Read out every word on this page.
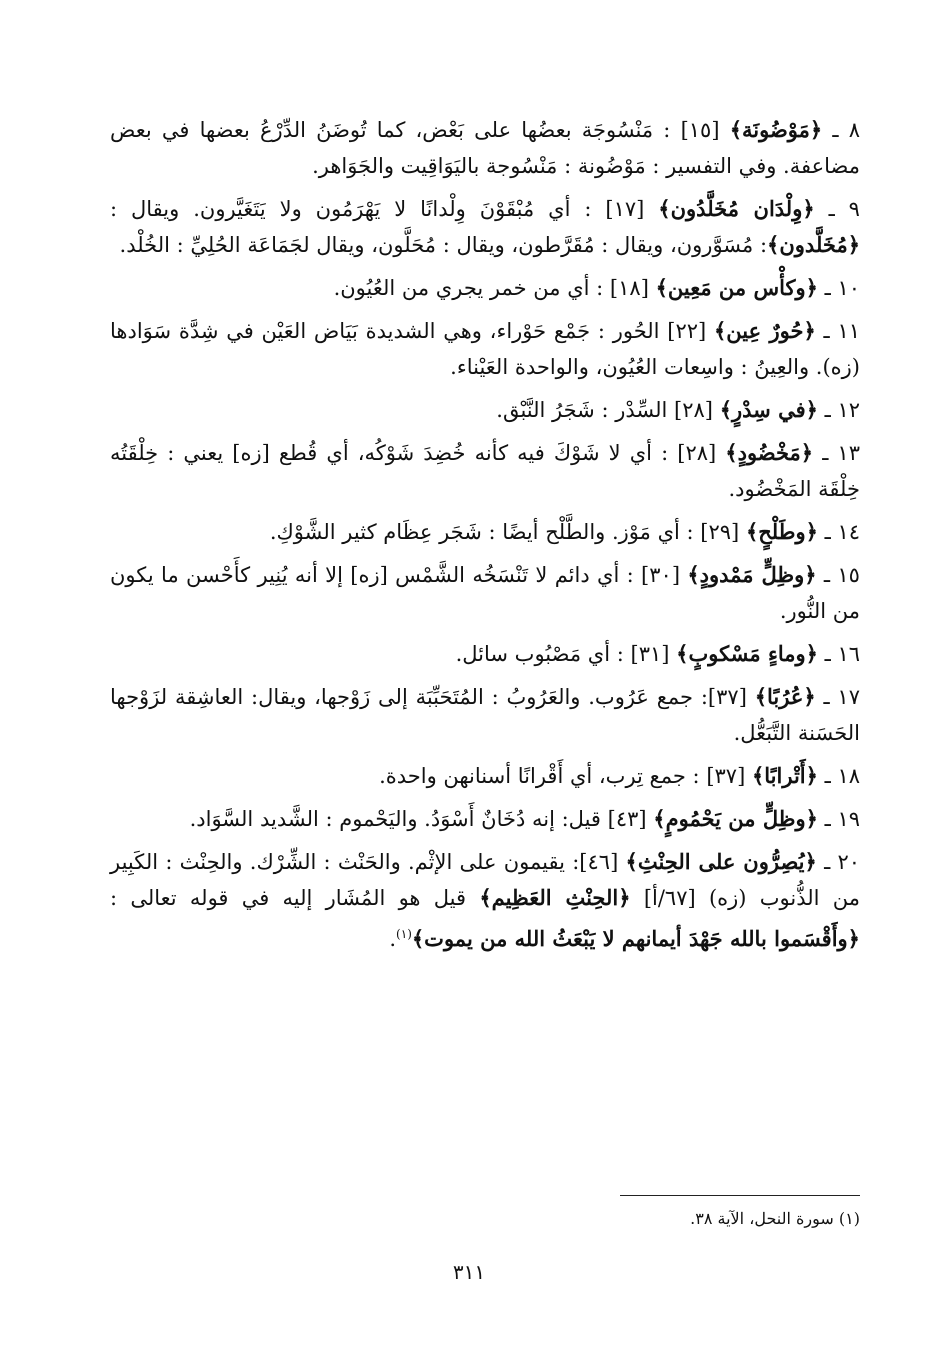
٨ ـ ﴿مَوْضُونَة﴾ [١٥] : مَنْسُوجَة بعضُها على بَعْض، كما تُوضَنُ الدِّرْعُ بعضها في بعض مضاعفة. وفي التفسير : مَوْضُونة : مَنْسُوجة باليَوَاقِيت والجَوَاهر.

٩ ـ ﴿وِلْدَان مُخَلَّدُون﴾ [١٧] : أي مُبْقَوْنَ وِلْدانًا لا يَهْرَمُون ولا يَتَغَيَّرون. ويقال : ﴿مُخَلَّدون﴾: مُسَوَّرون، ويقال : مُقَرَّطون، ويقال : مُحَلَّون، ويقال لجَمَاعَة الحُلِيِّ : الخُلْد.

١٠ ـ ﴿وكأْس من مَعِين﴾ [١٨] : أي من خمر يجري من العُيُون.

١١ ـ ﴿حُورٌ عِين﴾ [٢٢] الحُور : جَمْع حَوْراء، وهي الشديدة بَيَاض العَيْن في شِدَّة سَوَادها (زه). والعِينُ : واسِعات العُيُون، والواحدة العَيْناء.

١٢ ـ ﴿في سِدْرٍ﴾ [٢٨] السِّدْر : شَجَرُ النَّبْق.

١٣ ـ ﴿مَخْضُودٍ﴾ [٢٨] : أي لا شَوْكَ فيه كأنه خُضِدَ شَوْكُه، أي قُطع [زه] يعني : خِلْقَتُه خِلْقَة المَخْضُود.

١٤ ـ ﴿وطَلْحٍ﴾ [٢٩] : أي مَوْز. والطَّلْح أيضًا : شَجَر عِظَام كثير الشَّوْكِ.

١٥ ـ ﴿وظِلٍّ مَمْدودٍ﴾ [٣٠] : أي دائم لا تَنْسَخُه الشَّمْس [زه] إلا أنه يُنِير كأَحْسن ما يكون من النُّور.

١٦ ـ ﴿وماءٍ مَسْكوبٍ﴾ [٣١] : أي مَصْبُوب سائل.

١٧ ـ ﴿عُرُبًا﴾ [٣٧]: جمع عَرُوب. والعَرُوبُ : المُتَحَبِّبَة إلى زَوْجها، ويقال: العاشِقة لزَوْجها الحَسَنة التَّبَعُّل.

١٨ ـ ﴿أَتْرابًا﴾ [٣٧] : جمع تِرب، أي أَقْرانًا أسنانهن واحدة.

١٩ ـ ﴿وظِلٍّ من يَحْمُومٍ﴾ [٤٣] قيل: إنه دُخَانٌ أَسْوَدُ. واليَحْموم : الشَّديد السَّوَاد.

٢٠ ـ ﴿يُصِرُّون على الحِنْثِ﴾ [٤٦]: يقيمون على الإثْم. والحَنْث : الشِّرْك. والحِنْث : الكَبِير من الذُّنوب (زه) [٦٧/أ] ﴿الحِنْثِ العَظِيم﴾ قيل هو المُشَار إليه في قوله تعالى : ﴿وأَقْسَموا بالله جَهْدَ أيمانهم لا يَبْعَثُ الله من يموت﴾$^{(١)}$.

(١) سورة النحل، الآية ٣٨.
٣١١
